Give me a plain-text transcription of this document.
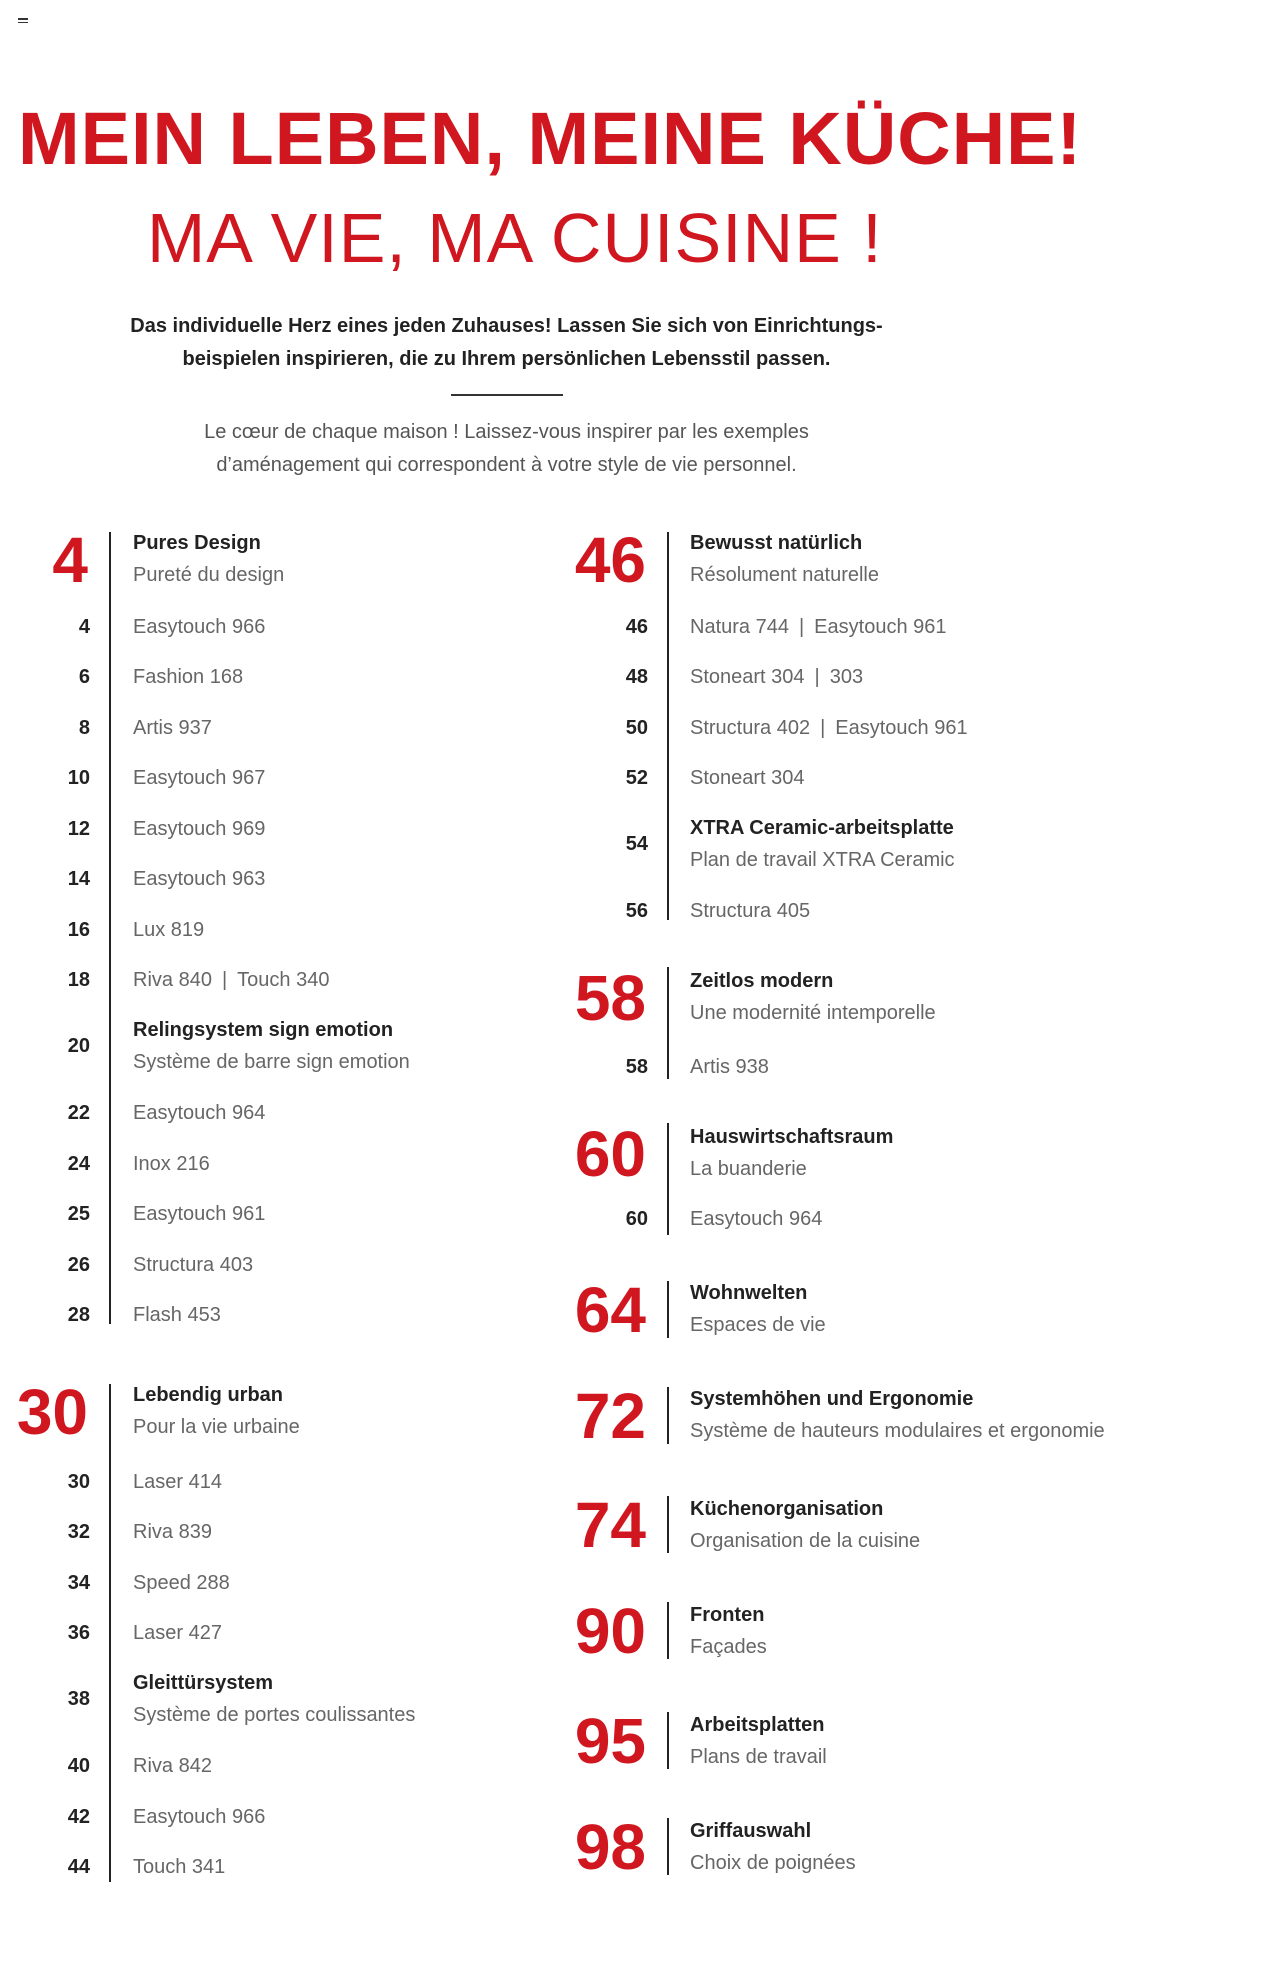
MEIN LEBEN, MEINE KÜCHE!
MA VIE, MA CUISINE !

Das individuelle Herz eines jeden Zuhauses! Lassen Sie sich von Einrichtungs-
beispielen inspirieren, die zu Ihrem persönlichen Lebensstil passen.

Le cœur de chaque maison ! Laissez-vous inspirer par les exemples
d’aménagement qui correspondent à votre style de vie personnel.

4 Pures Design
Pureté du design
4 Easytouch 966
6 Fashion 168
8 Artis 937
10 Easytouch 967
12 Easytouch 969
14 Easytouch 963
16 Lux 819
18 Riva 840 | Touch 340
20
Relingsystem sign emotion
Système de barre sign emotion
22 Easytouch 964
24 Inox 216
25 Easytouch 961
26 Structura 403
28 Flash 453
30 Lebendig urban
Pour la vie urbaine
30 Laser 414
32 Riva 839
34 Speed 288
36 Laser 427
38
Gleittürsystem
Système de portes coulissantes
40 Riva 842
42 Easytouch 966
44 Touch 341
46 Bewusst natürlich
Résolument naturelle
46 Natura 744 | Easytouch 961
48 Stoneart 304 | 303
50 Structura 402 | Easytouch 961
52 Stoneart 304
54
XTRA Ceramic-arbeitsplatte
Plan de travail XTRA Ceramic
56 Structura 405
58 Zeitlos modern
Une modernité intemporelle
58 Artis 938
60 Hauswirtschaftsraum
La buanderie
60 Easytouch 964
64 Wohnwelten
Espaces de vie
72 Systemhöhen und Ergonomie
Système de hauteurs modulaires et ergonomie
74 Küchenorganisation
Organisation de la cuisine
90 Fronten
Façades
95 Arbeitsplatten
Plans de travail
98 Griffauswahl
Choix de poignées
